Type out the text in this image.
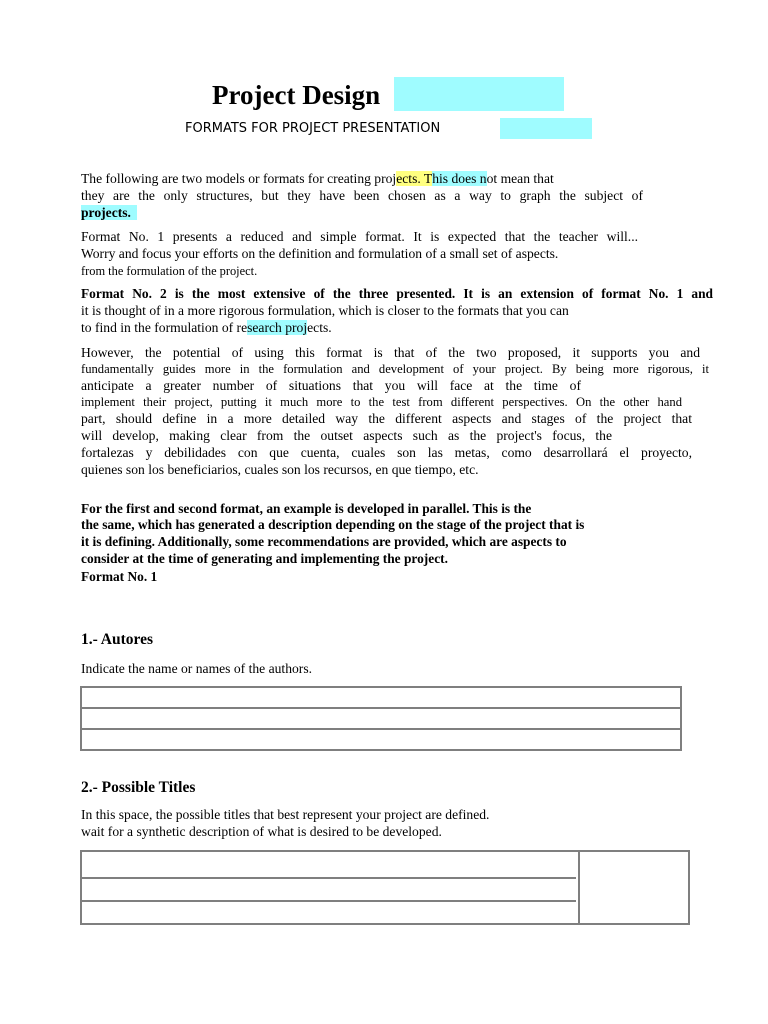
Project Design
FORMATS FOR PROJECT PRESENTATION
The following are two models or formats for creating projects. This does not mean that
they are the only structures, but they have been chosen as a way to graph the subject of
projects.
Format No. 1 presents a reduced and simple format. It is expected that the teacher will...
Worry and focus your efforts on the definition and formulation of a small set of aspects.
from the formulation of the project.
Format No. 2 is the most extensive of the three presented. It is an extension of format No. 1 and
it is thought of in a more rigorous formulation, which is closer to the formats that you can
to find in the formulation of research projects.
However, the potential of using this format is that of the two proposed, it supports you and
fundamentally guides more in the formulation and development of your project. By being more rigorous, it
anticipate a greater number of situations that you will face at the time of
implement their project, putting it much more to the test from different perspectives. On the other hand
part, should define in a more detailed way the different aspects and stages of the project that
will develop, making clear from the outset aspects such as the project's focus, the
fortalezas y debilidades con que cuenta, cuales son las metas, como desarrollará el proyecto,
quienes son los beneficiarios, cuales son los recursos, en que tiempo, etc.
For the first and second format, an example is developed in parallel. This is the
the same, which has generated a description depending on the stage of the project that is
it is defining. Additionally, some recommendations are provided, which are aspects to
consider at the time of generating and implementing the project.
Format No. 1
1.- Autores
Indicate the name or names of the authors.
2.- Possible Titles
In this space, the possible titles that best represent your project are defined.
wait for a synthetic description of what is desired to be developed.
